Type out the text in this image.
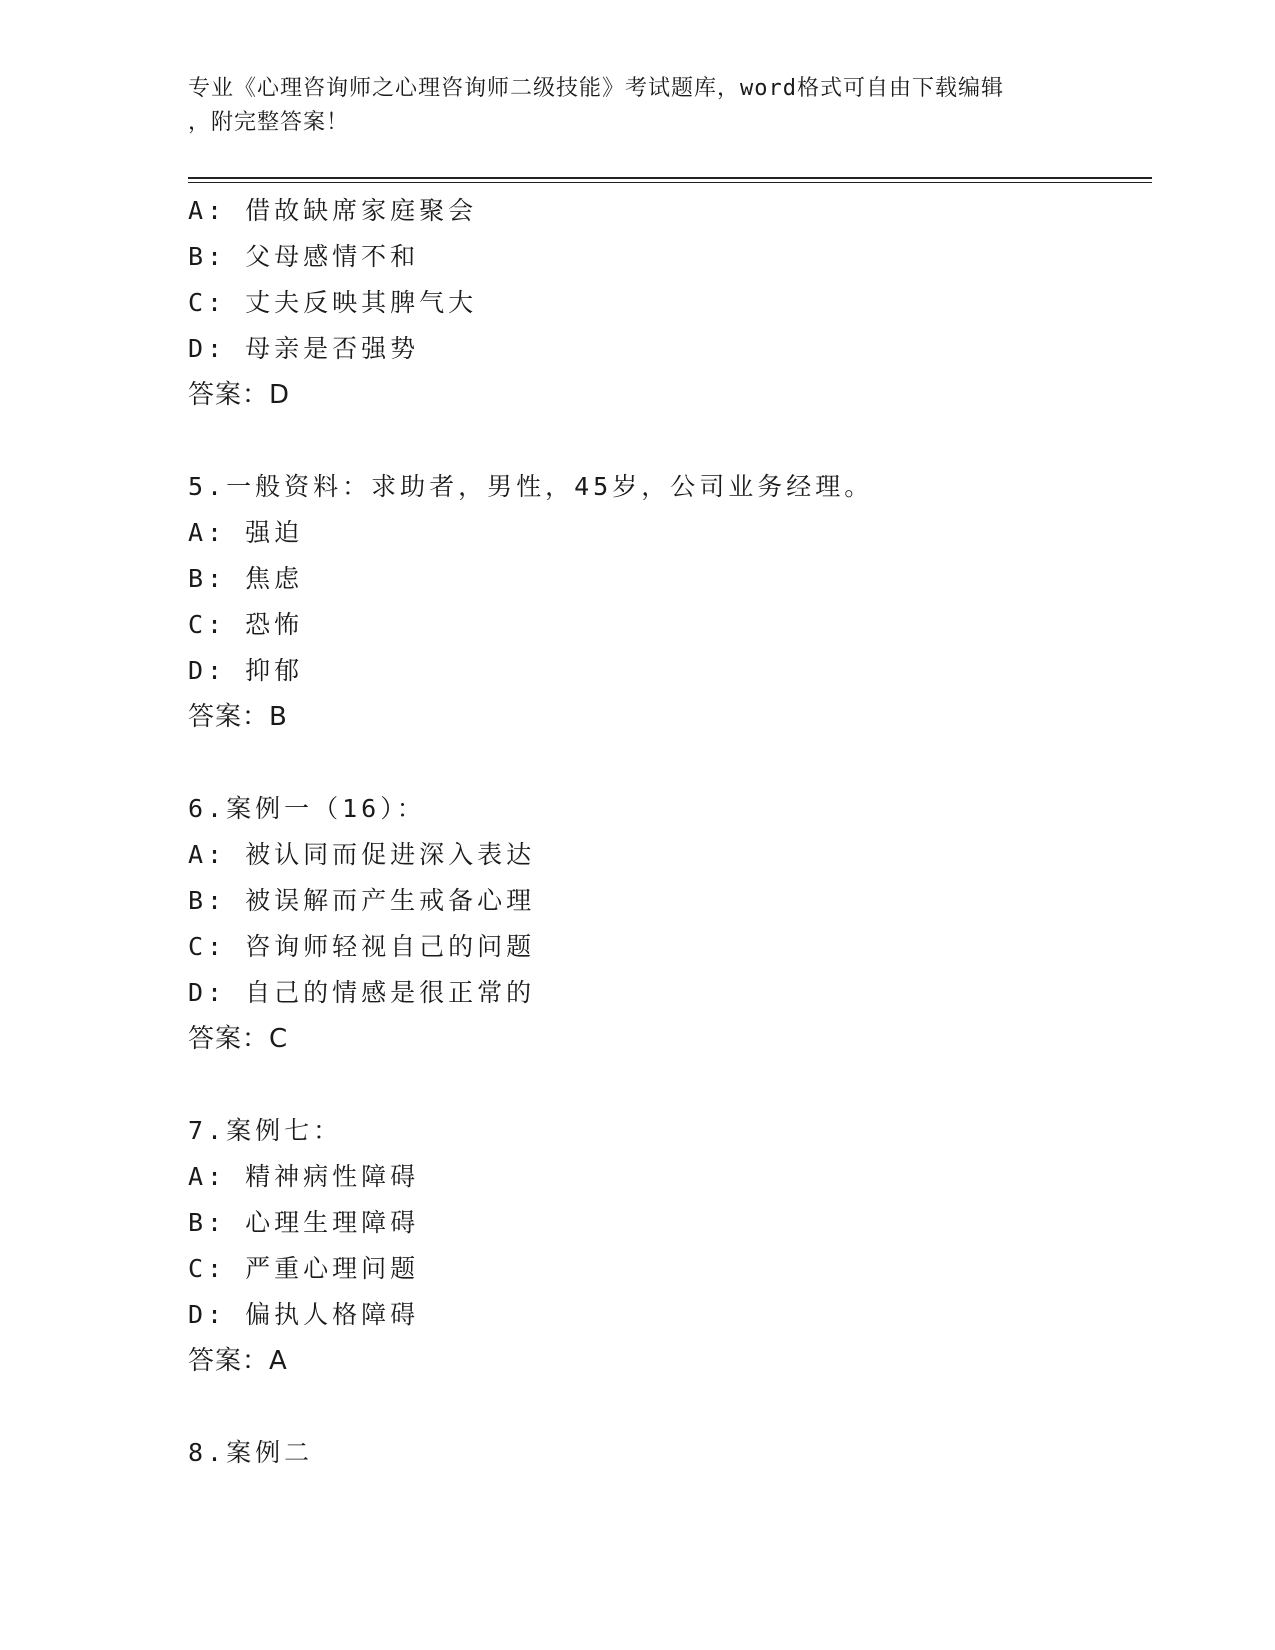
专业《心理咨询师之心理咨询师二级技能》考试题库，word格式可自由下载编辑
，附完整答案！
A: 借故缺席家庭聚会
B: 父母感情不和
C: 丈夫反映其脾气大
D: 母亲是否强势
答案：D
5.一般资料：求助者，男性，45岁，公司业务经理。
A: 强迫
B: 焦虑
C: 恐怖
D: 抑郁
答案：B
6.案例一（16）：
A: 被认同而促进深入表达
B: 被误解而产生戒备心理
C: 咨询师轻视自己的问题
D: 自己的情感是很正常的
答案：C
7.案例七：
A: 精神病性障碍
B: 心理生理障碍
C: 严重心理问题
D: 偏执人格障碍
答案：A
8.案例二
